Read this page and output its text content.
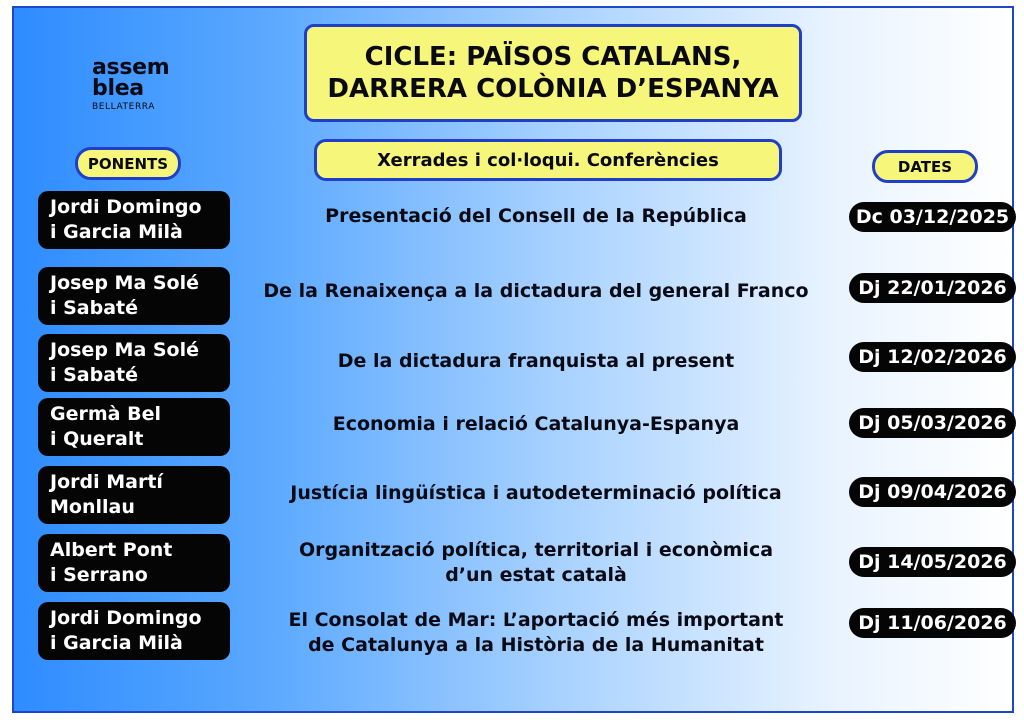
assem
blea
BELLATERRA
CICLE: PAÏSOS CATALANS,
DARRERA COLÒNIA D’ESPANYA
Xerrades i col·loqui. Conferències
PONENTS	DATES
Jordi Domingo
i Garcia Milà
Presentació del Consell de la República	Dc 03/12/2025
Josep Ma Solé
i Sabaté
De la Renaixença a la dictadura del general Franco	Dj 22/01/2026
Josep Ma Solé
i Sabaté
De la dictadura franquista al present	Dj 12/02/2026
Germà Bel
i Queralt
Economia i relació Catalunya-Espanya	Dj 05/03/2026
Jordi Martí
Monllau
Justícia lingüística i autodeterminació política	Dj 09/04/2026
Albert Pont
i Serrano
Organització política, territorial i econòmica
d’un estat català
Dj 14/05/2026
Jordi Domingo
i Garcia Milà
El Consolat de Mar: L’aportació més important
de Catalunya a la Història de la Humanitat
Dj 11/06/2026
